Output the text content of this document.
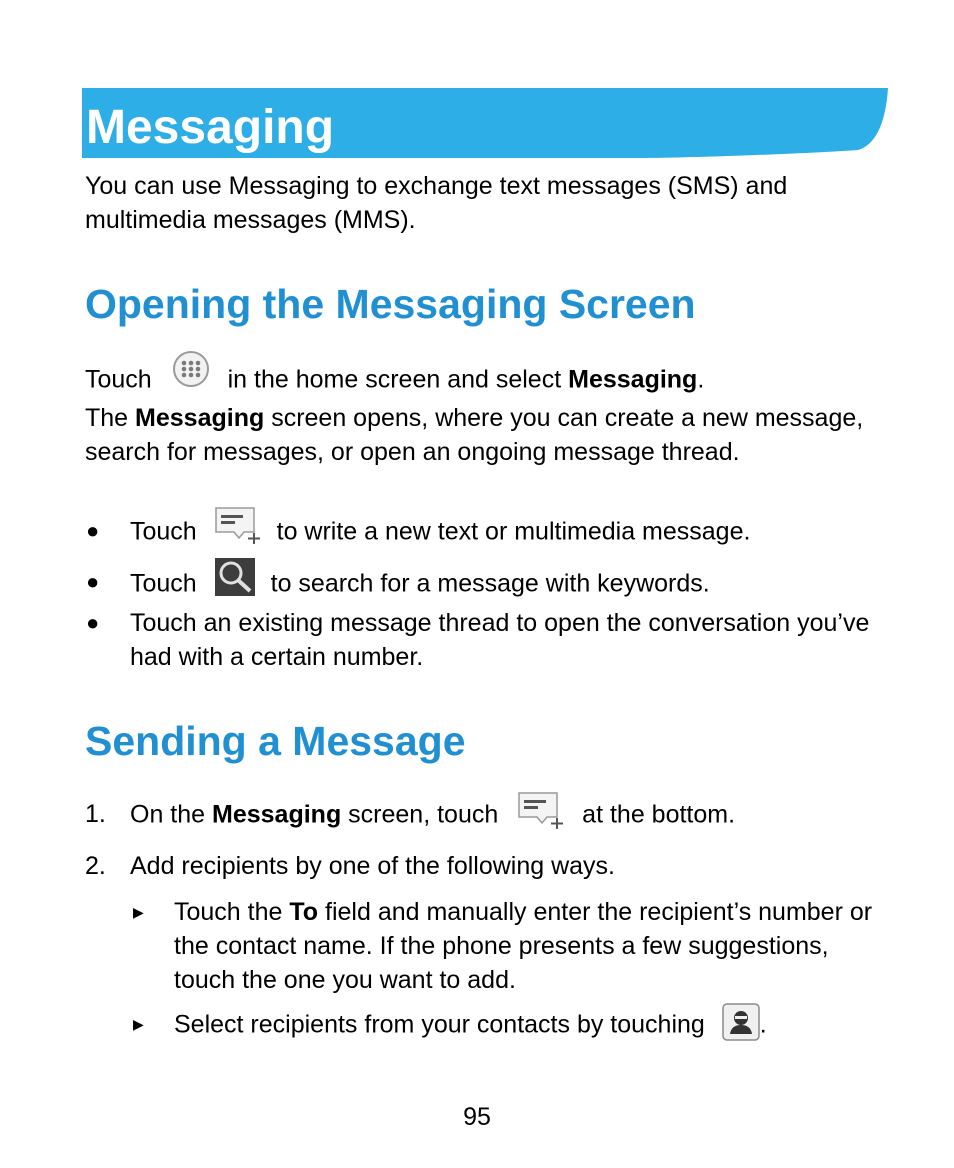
Messaging
You can use Messaging to exchange text messages (SMS) and multimedia messages (MMS).
Opening the Messaging Screen
Touch	in the home screen and select Messaging.
The Messaging screen opens, where you can create a new message, search for messages, or open an ongoing message thread.
● Touch	to write a new text or multimedia message.
● Touch	to search for a message with keywords.
● Touch an existing message thread to open the conversation you’ve had with a certain number.
Sending a Message
1. On the Messaging screen, touch	at the bottom.
2. Add recipients by one of the following ways.
▶ Touch the To field and manually enter the recipient’s number or the contact name. If the phone presents a few suggestions, touch the one you want to add.
▶ Select recipients from your contacts by touching .
95
